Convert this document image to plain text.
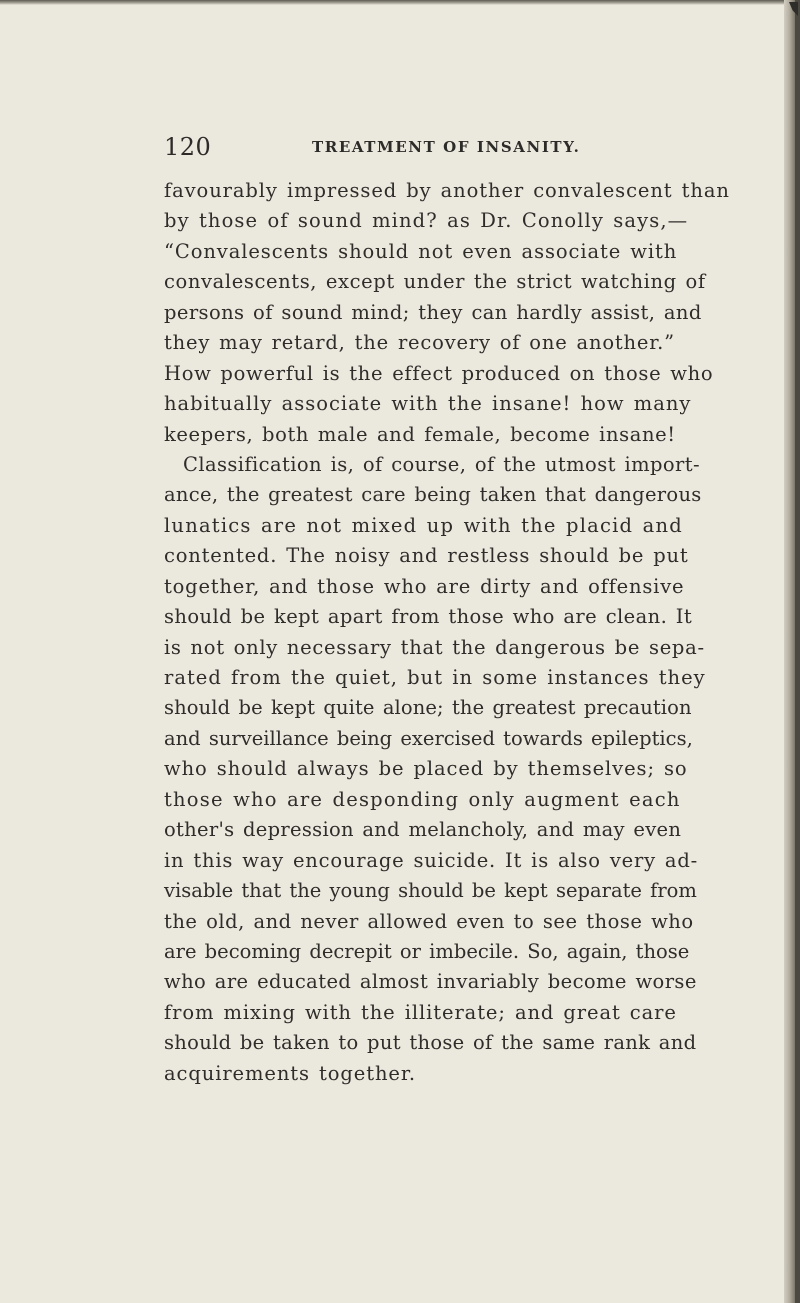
120	TREATMENT OF INSANITY.
favourably impressed by another convalescent than
by those of sound mind? as Dr. Conolly says,—
“Convalescents should not even associate with
convalescents, except under the strict watching of
persons of sound mind; they can hardly assist, and
they may retard, the recovery of one another.”
How powerful is the effect produced on those who
habitually associate with the insane! how many
keepers, both male and female, become insane!
Classification is, of course, of the utmost import-
ance, the greatest care being taken that dangerous
lunatics are not mixed up with the placid and
contented. The noisy and restless should be put
together, and those who are dirty and offensive
should be kept apart from those who are clean. It
is not only necessary that the dangerous be sepa-
rated from the quiet, but in some instances they
should be kept quite alone; the greatest precaution
and surveillance being exercised towards epileptics,
who should always be placed by themselves; so
those who are desponding only augment each
other's depression and melancholy, and may even
in this way encourage suicide. It is also very ad-
visable that the young should be kept separate from
the old, and never allowed even to see those who
are becoming decrepit or imbecile. So, again, those
who are educated almost invariably become worse
from mixing with the illiterate; and great care
should be taken to put those of the same rank and
acquirements together.
